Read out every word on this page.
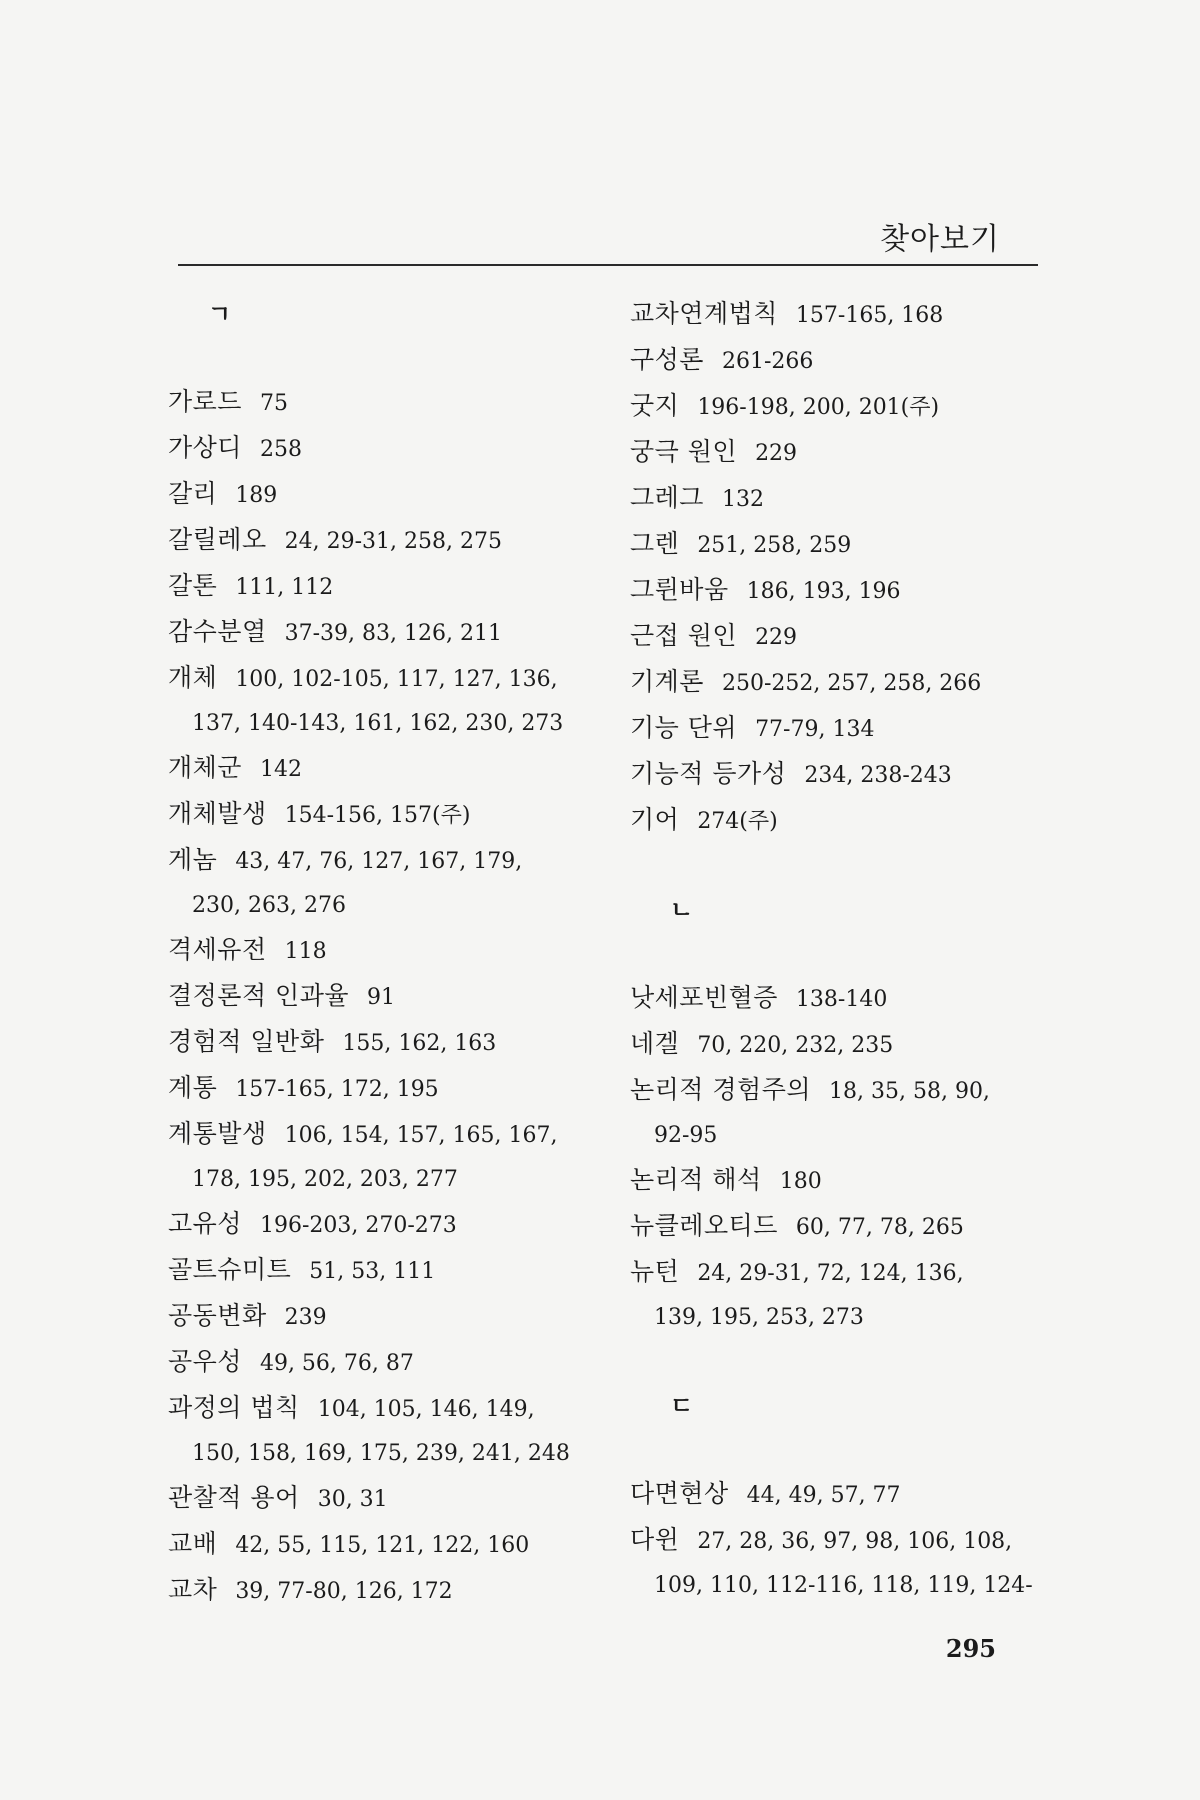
찾아보기
ㄱ
가로드 75
가상디 258
갈리 189
갈릴레오 24, 29-31, 258, 275
갈톤 111, 112
감수분열 37-39, 83, 126, 211
개체 100, 102-105, 117, 127, 136,
137, 140-143, 161, 162, 230, 273
개체군 142
개체발생 154-156, 157(주)
게놈 43, 47, 76, 127, 167, 179,
230, 263, 276
격세유전 118
결정론적 인과율 91
경험적 일반화 155, 162, 163
계통 157-165, 172, 195
계통발생 106, 154, 157, 165, 167,
178, 195, 202, 203, 277
고유성 196-203, 270-273
골트슈미트 51, 53, 111
공동변화 239
공우성 49, 56, 76, 87
과정의 법칙 104, 105, 146, 149,
150, 158, 169, 175, 239, 241, 248
관찰적 용어 30, 31
교배 42, 55, 115, 121, 122, 160
교차 39, 77-80, 126, 172
교차연계법칙 157-165, 168
구성론 261-266
굿지 196-198, 200, 201(주)
궁극 원인 229
그레그 132
그렌 251, 258, 259
그륀바움 186, 193, 196
근접 원인 229
기계론 250-252, 257, 258, 266
기능 단위 77-79, 134
기능적 등가성 234, 238-243
기어 274(주)
ㄴ
낫세포빈혈증 138-140
네겔 70, 220, 232, 235
논리적 경험주의 18, 35, 58, 90,
92-95
논리적 해석 180
뉴클레오티드 60, 77, 78, 265
뉴턴 24, 29-31, 72, 124, 136,
139, 195, 253, 273
ㄷ
다면현상 44, 49, 57, 77
다윈 27, 28, 36, 97, 98, 106, 108,
109, 110, 112-116, 118, 119, 124-
295
